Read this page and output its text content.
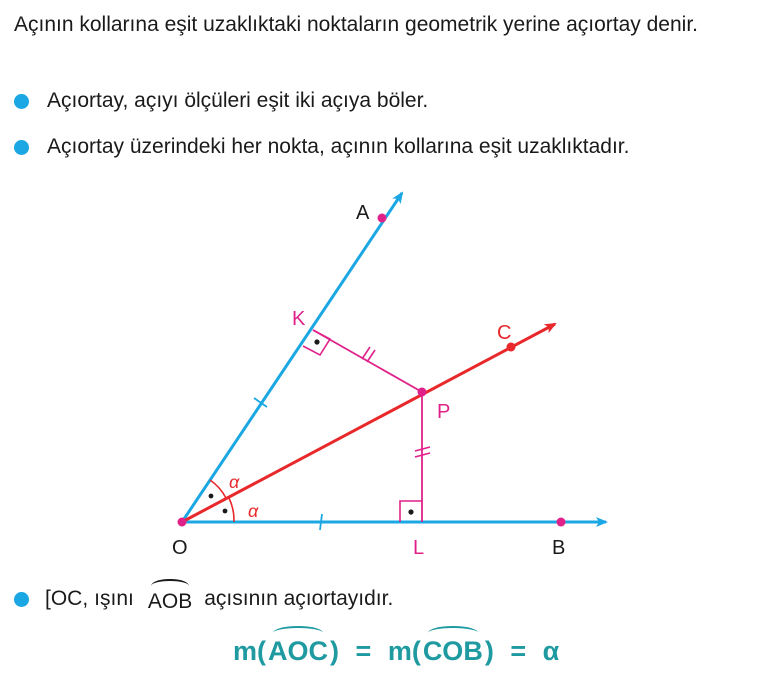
Açının kollarına eşit uzaklıktaki noktaların geometrik yerine açıortay denir.

Açıortay, açıyı ölçüleri eşit iki açıya böler.
Açıortay üzerindeki her nokta, açının kollarına eşit uzaklıktadır.
A
K
C
P
O	L	B
α
α
[OC, ışını AOB açısının açıortayıdır.
m(AOC) = m(COB) = α
